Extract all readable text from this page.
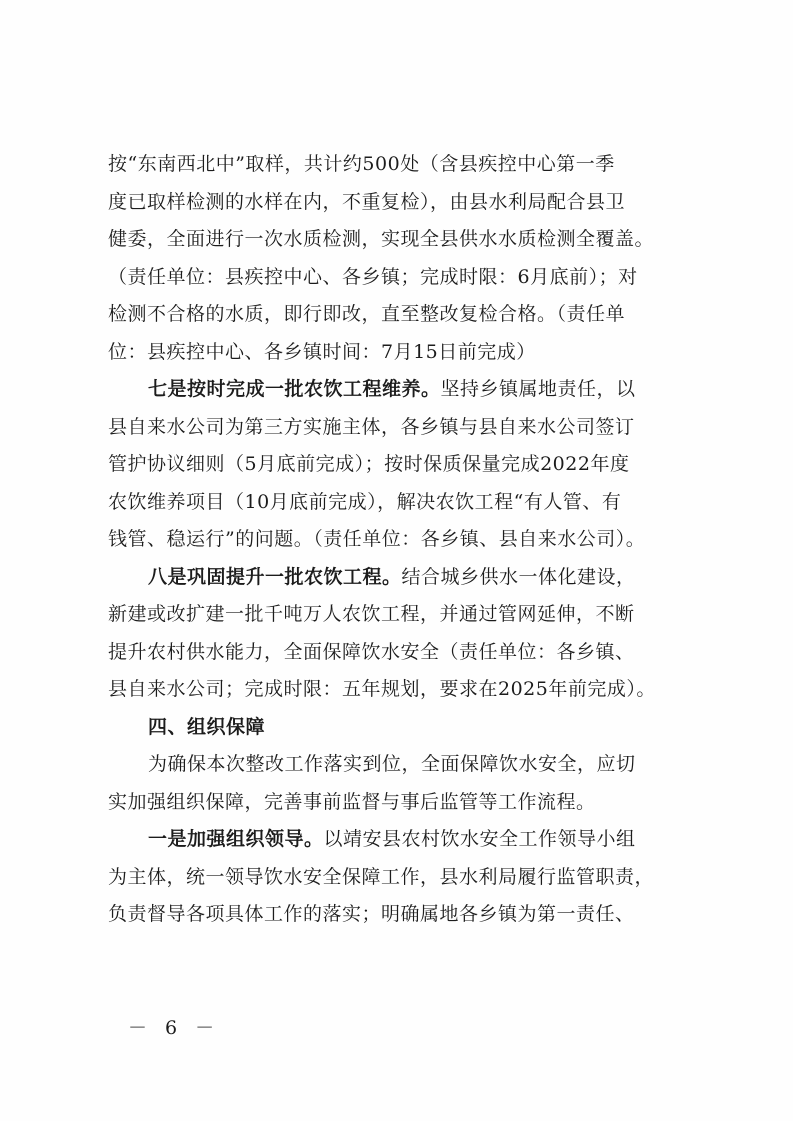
按“东南西北中”取样，共计约500处（含县疾控中心第一季
度已取样检测的水样在内，不重复检），由县水利局配合县卫
健委，全面进行一次水质检测，实现全县供水水质检测全覆盖。
（责任单位：县疾控中心、各乡镇；完成时限：6月底前）；对
检测不合格的水质，即行即改，直至整改复检合格。（责任单
位：县疾控中心、各乡镇时间：7月15日前完成）
七是按时完成一批农饮工程维养。坚持乡镇属地责任，以
县自来水公司为第三方实施主体，各乡镇与县自来水公司签订
管护协议细则（5月底前完成）；按时保质保量完成2022年度
农饮维养项目（10月底前完成），解决农饮工程“有人管、有
钱管、稳运行”的问题。（责任单位：各乡镇、县自来水公司）。
八是巩固提升一批农饮工程。结合城乡供水一体化建设，
新建或改扩建一批千吨万人农饮工程，并通过管网延伸，不断
提升农村供水能力，全面保障饮水安全（责任单位：各乡镇、
县自来水公司；完成时限：五年规划，要求在2025年前完成）。
四、组织保障
为确保本次整改工作落实到位，全面保障饮水安全，应切
实加强组织保障，完善事前监督与事后监管等工作流程。
一是加强组织领导。以靖安县农村饮水安全工作领导小组
为主体，统一领导饮水安全保障工作，县水利局履行监管职责，
负责督导各项具体工作的落实；明确属地各乡镇为第一责任、
－ 6 －
